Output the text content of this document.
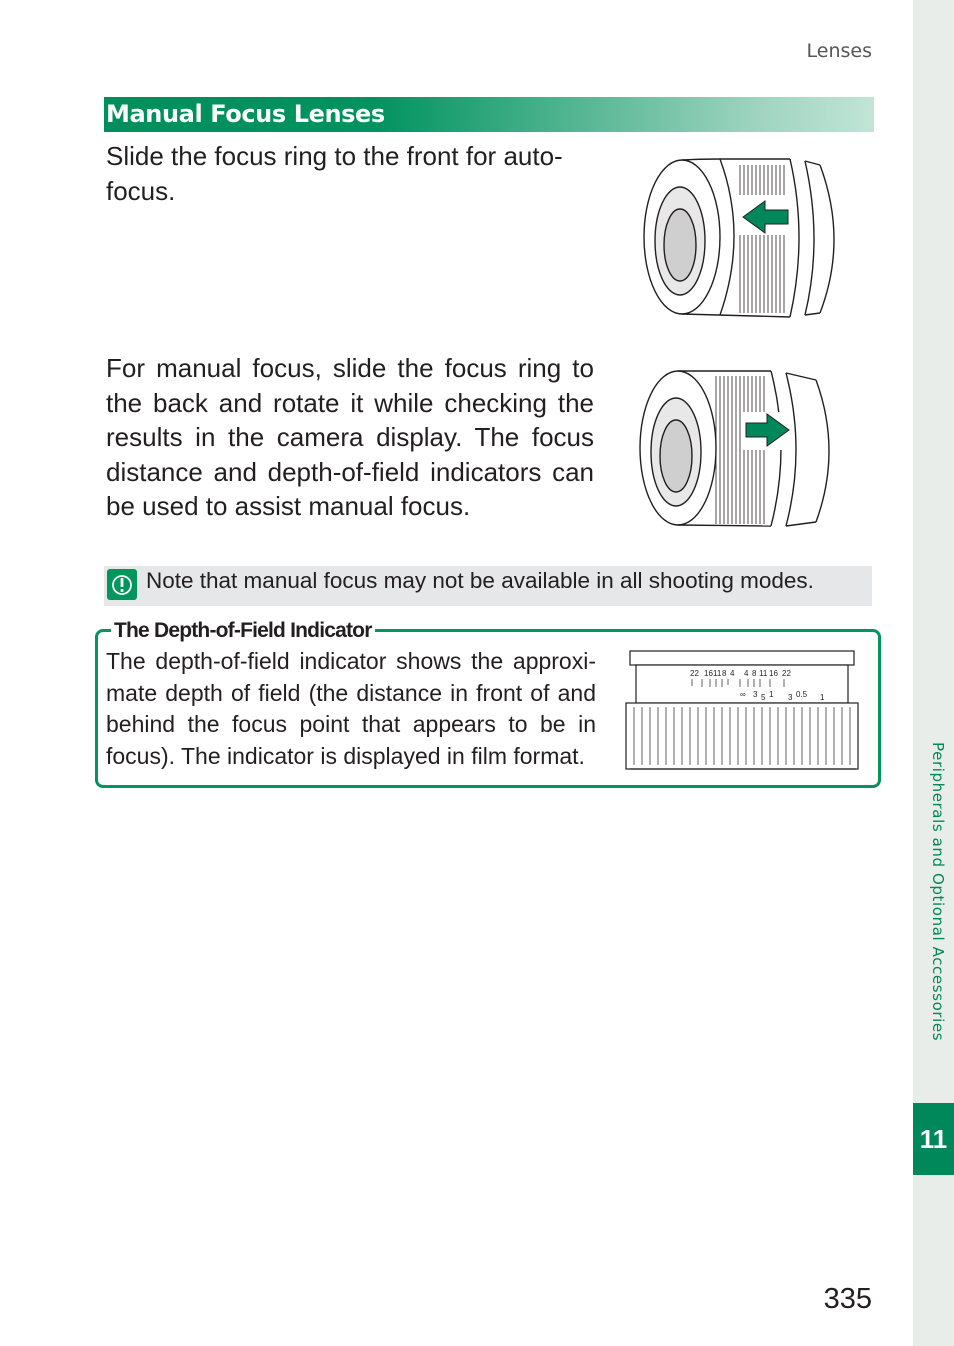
Lenses
Manual Focus Lenses

Slide the focus ring to the front for auto-focus.

For manual focus, slide the focus ring to the back and rotate it while checking the results in the camera display. The focus distance and depth-of-field indicators can be used to assist manual focus.

Note that manual focus may not be available in all shooting modes.
The Depth-of-Field Indicator

The depth-of-field indicator shows the approxi-mate depth of field (the distance in front of and behind the focus point that appears to be in focus). The indicator is displayed in film format.

22 16 11 8 4 4 8 11 16 22
∞ 3 5 1 3 0.5 1
Peripherals and Optional Accessories
11
335
